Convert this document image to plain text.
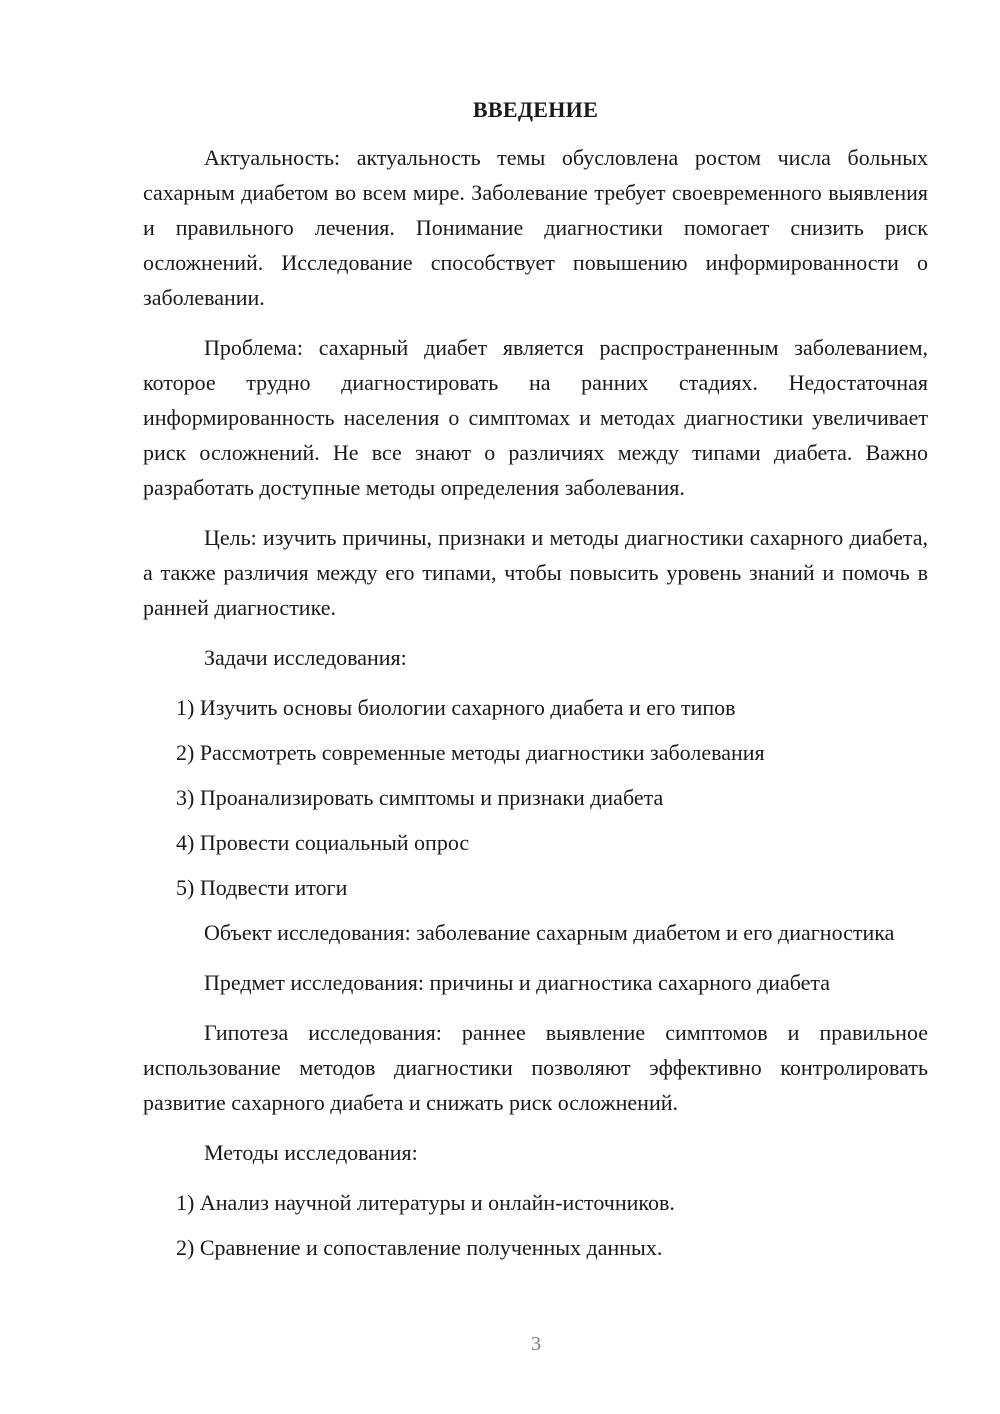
ВВЕДЕНИЕ

Актуальность: актуальность темы обусловлена ростом числа больных сахарным диабетом во всем мире. Заболевание требует своевременного выявления и правильного лечения. Понимание диагностики помогает снизить риск осложнений. Исследование способствует повышению информированности о заболевании.

Проблема: сахарный диабет является распространенным заболеванием, которое трудно диагностировать на ранних стадиях. Недостаточная информированность населения о симптомах и методах диагностики увеличивает риск осложнений. Не все знают о различиях между типами диабета. Важно разработать доступные методы определения заболевания.

Цель: изучить причины, признаки и методы диагностики сахарного диабета, а также различия между его типами, чтобы повысить уровень знаний и помочь в ранней диагностике.

Задачи исследования:

1) Изучить основы биологии сахарного диабета и его типов
2) Рассмотреть современные методы диагностики заболевания
3) Проанализировать симптомы и признаки диабета
4) Провести социальный опрос
5) Подвести итоги

Объект исследования: заболевание сахарным диабетом и его диагностика

Предмет исследования: причины и диагностика сахарного диабета

Гипотеза исследования: раннее выявление симптомов и правильное использование методов диагностики позволяют эффективно контролировать развитие сахарного диабета и снижать риск осложнений.

Методы исследования:

1) Анализ научной литературы и онлайн-источников.
2) Сравнение и сопоставление полученных данных.
3
